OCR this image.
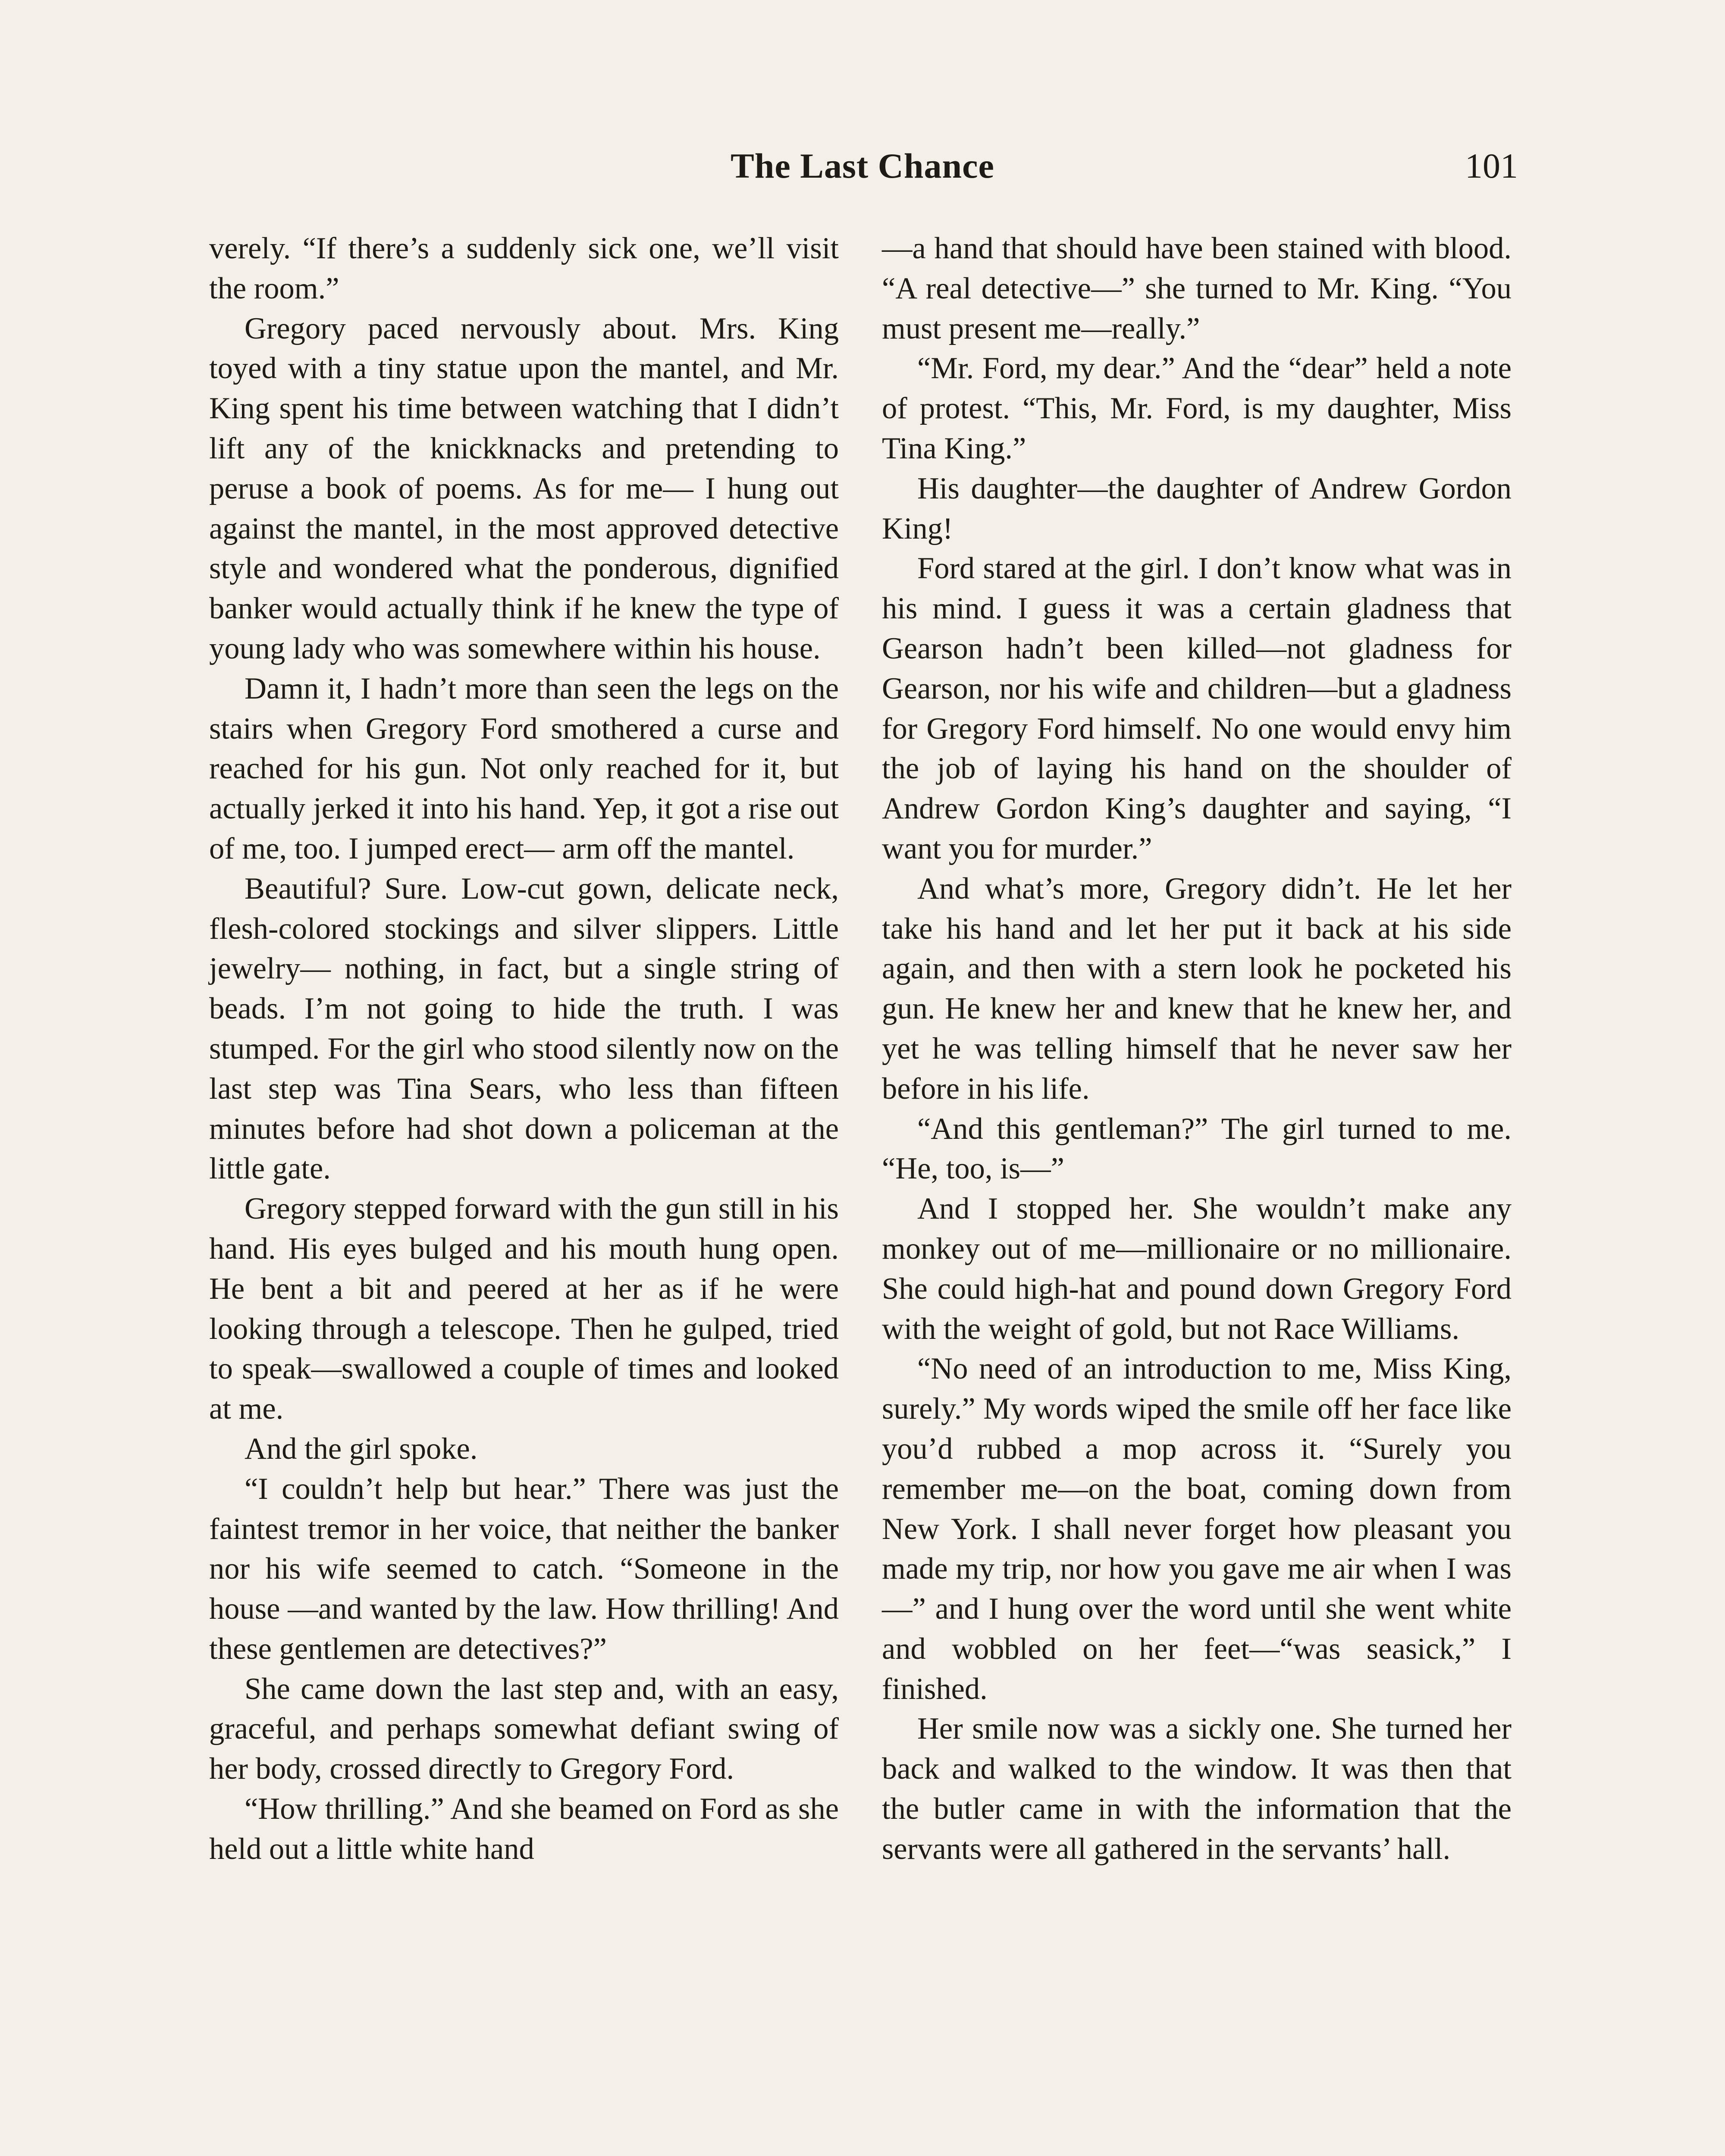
The Last Chance	101

verely. “If there’s a suddenly sick one, we’ll visit the room.”

Gregory paced nervously about. Mrs. King toyed with a tiny statue upon the mantel, and Mr. King spent his time between watching that I didn’t lift any of the knickknacks and pretending to peruse a book of poems. As for me— I hung out against the mantel, in the most approved detective style and wondered what the ponderous, dignified banker would actually think if he knew the type of young lady who was somewhere within his house.

Damn it, I hadn’t more than seen the legs on the stairs when Gregory Ford smothered a curse and reached for his gun. Not only reached for it, but actually jerked it into his hand. Yep, it got a rise out of me, too. I jumped erect— arm off the mantel.

Beautiful? Sure. Low-cut gown, delicate neck, flesh-colored stockings and silver slippers. Little jewelry— nothing, in fact, but a single string of beads. I’m not going to hide the truth. I was stumped. For the girl who stood silently now on the last step was Tina Sears, who less than fifteen minutes before had shot down a policeman at the little gate.

Gregory stepped forward with the gun still in his hand. His eyes bulged and his mouth hung open. He bent a bit and peered at her as if he were looking through a telescope. Then he gulped, tried to speak—swallowed a couple of times and looked at me.

And the girl spoke.

“I couldn’t help but hear.” There was just the faintest tremor in her voice, that neither the banker nor his wife seemed to catch. “Someone in the house —and wanted by the law. How thrilling! And these gentlemen are detectives?”

She came down the last step and, with an easy, graceful, and perhaps somewhat defiant swing of her body, crossed directly to Gregory Ford.

“How thrilling.” And she beamed on Ford as she held out a little white hand

—a hand that should have been stained with blood. “A real detective—” she turned to Mr. King. “You must present me—really.”

“Mr. Ford, my dear.” And the “dear” held a note of protest. “This, Mr. Ford, is my daughter, Miss Tina King.”

His daughter—the daughter of Andrew Gordon King!

Ford stared at the girl. I don’t know what was in his mind. I guess it was a certain gladness that Gearson hadn’t been killed—not gladness for Gearson, nor his wife and children—but a gladness for Gregory Ford himself. No one would envy him the job of laying his hand on the shoulder of Andrew Gordon King’s daughter and saying, “I want you for murder.”

And what’s more, Gregory didn’t. He let her take his hand and let her put it back at his side again, and then with a stern look he pocketed his gun. He knew her and knew that he knew her, and yet he was telling himself that he never saw her before in his life.

“And this gentleman?” The girl turned to me. “He, too, is—”

And I stopped her. She wouldn’t make any monkey out of me—millionaire or no millionaire. She could high-hat and pound down Gregory Ford with the weight of gold, but not Race Williams.

“No need of an introduction to me, Miss King, surely.” My words wiped the smile off her face like you’d rubbed a mop across it. “Surely you remember me—on the boat, coming down from New York. I shall never forget how pleasant you made my trip, nor how you gave me air when I was—” and I hung over the word until she went white and wobbled on her feet—“was seasick,” I finished.

Her smile now was a sickly one. She turned her back and walked to the window. It was then that the butler came in with the information that the servants were all gathered in the servants’ hall.
